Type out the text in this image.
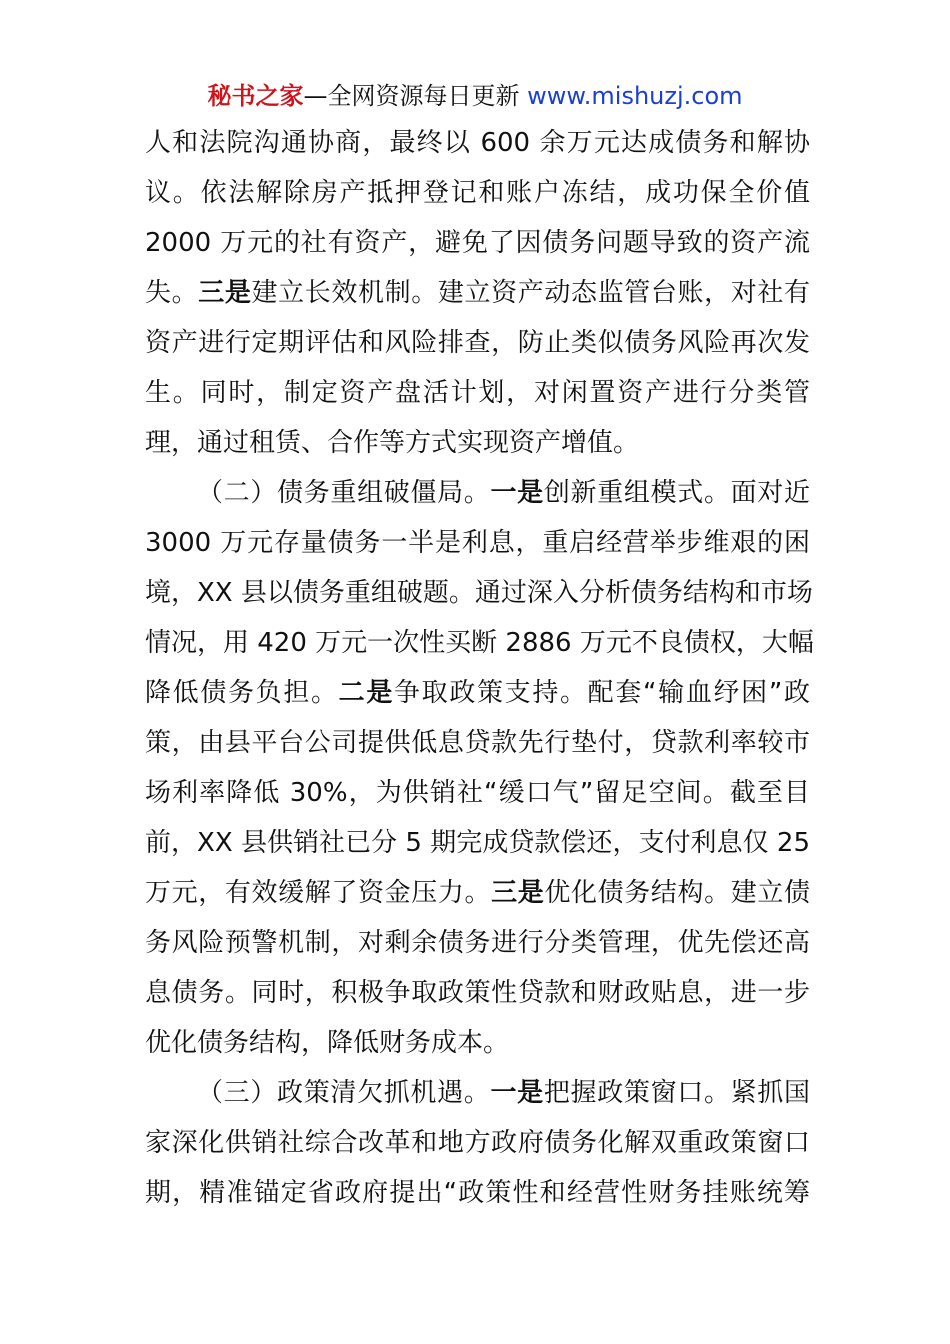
秘书之家—全网资源每日更新 www.mishuzj.com
人和法院沟通协商，最终以 600 余万元达成债务和解协
议。依法解除房产抵押登记和账户冻结，成功保全价值
2000 万元的社有资产，避免了因债务问题导致的资产流
失。三是建立长效机制。建立资产动态监管台账，对社有
资产进行定期评估和风险排查，防止类似债务风险再次发
生。同时，制定资产盘活计划，对闲置资产进行分类管
理，通过租赁、合作等方式实现资产增值。
（二）债务重组破僵局。一是创新重组模式。面对近
3000 万元存量债务一半是利息，重启经营举步维艰的困
境，XX 县以债务重组破题。通过深入分析债务结构和市场
情况，用 420 万元一次性买断 2886 万元不良债权，大幅
降低债务负担。二是争取政策支持。配套“输血纾困”政
策，由县平台公司提供低息贷款先行垫付，贷款利率较市
场利率降低 30%，为供销社“缓口气”留足空间。截至目
前，XX 县供销社已分 5 期完成贷款偿还，支付利息仅 25
万元，有效缓解了资金压力。三是优化债务结构。建立债
务风险预警机制，对剩余债务进行分类管理，优先偿还高
息债务。同时，积极争取政策性贷款和财政贴息，进一步
优化债务结构，降低财务成本。
（三）政策清欠抓机遇。一是把握政策窗口。紧抓国
家深化供销社综合改革和地方政府债务化解双重政策窗口
期，精准锚定省政府提出“政策性和经营性财务挂账统筹
